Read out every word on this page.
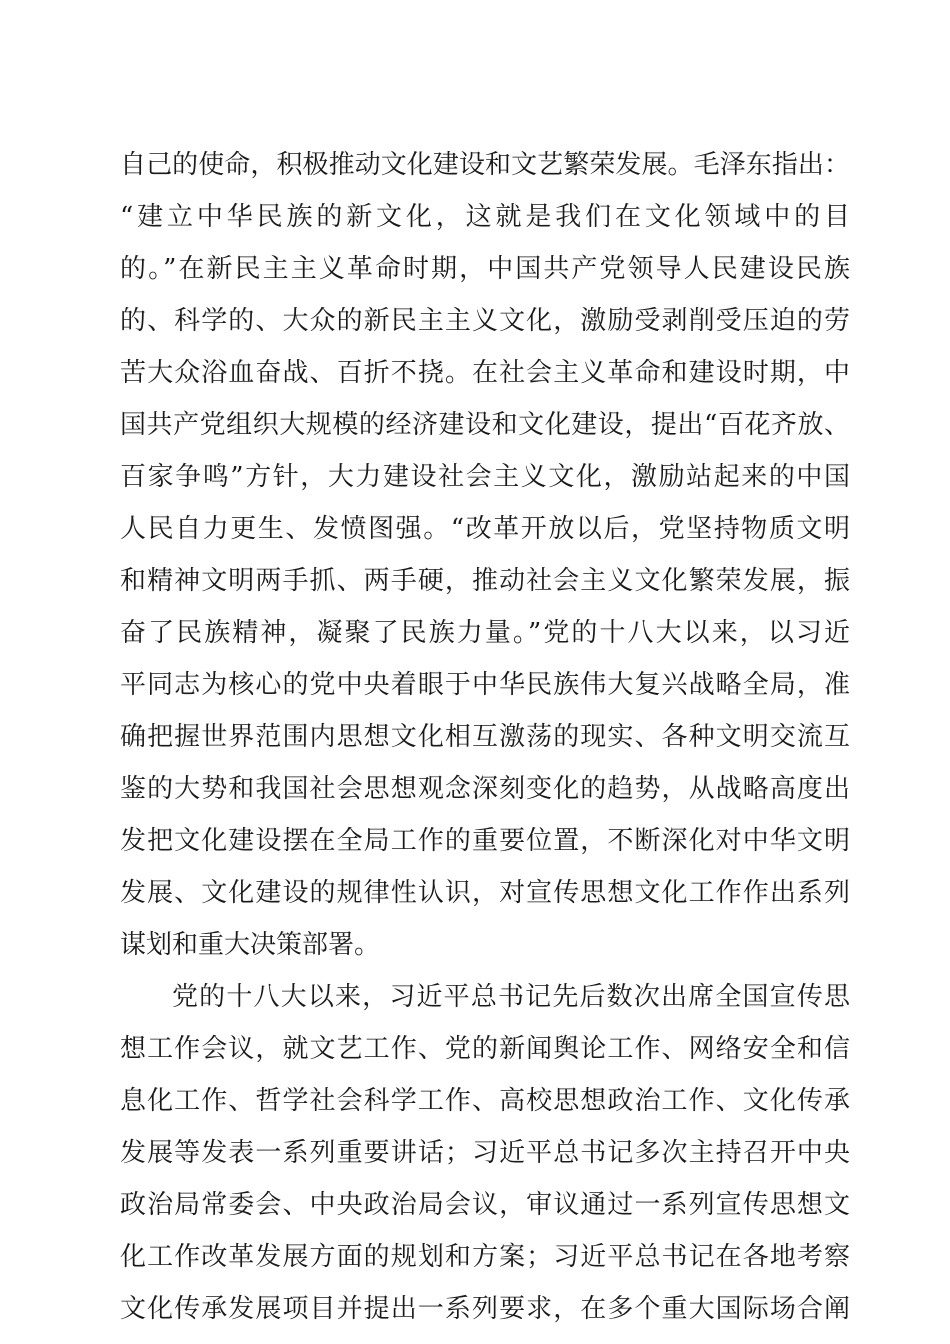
自己的使命，积极推动文化建设和文艺繁荣发展。毛泽东指出：
“建立中华民族的新文化，这就是我们在文化领域中的目
的。”在新民主主义革命时期，中国共产党领导人民建设民族
的、科学的、大众的新民主主义文化，激励受剥削受压迫的劳
苦大众浴血奋战、百折不挠。在社会主义革命和建设时期，中
国共产党组织大规模的经济建设和文化建设，提出“百花齐放、
百家争鸣”方针，大力建设社会主义文化，激励站起来的中国
人民自力更生、发愤图强。“改革开放以后，党坚持物质文明
和精神文明两手抓、两手硬，推动社会主义文化繁荣发展，振
奋了民族精神，凝聚了民族力量。”党的十八大以来，以习近
平同志为核心的党中央着眼于中华民族伟大复兴战略全局，准
确把握世界范围内思想文化相互激荡的现实、各种文明交流互
鉴的大势和我国社会思想观念深刻变化的趋势，从战略高度出
发把文化建设摆在全局工作的重要位置，不断深化对中华文明
发展、文化建设的规律性认识，对宣传思想文化工作作出系列
谋划和重大决策部署。
党的十八大以来，习近平总书记先后数次出席全国宣传思
想工作会议，就文艺工作、党的新闻舆论工作、网络安全和信
息化工作、哲学社会科学工作、高校思想政治工作、文化传承
发展等发表一系列重要讲话；习近平总书记多次主持召开中央
政治局常委会、中央政治局会议，审议通过一系列宣传思想文
化工作改革发展方面的规划和方案；习近平总书记在各地考察
文化传承发展项目并提出一系列要求，在多个重大国际场合阐
